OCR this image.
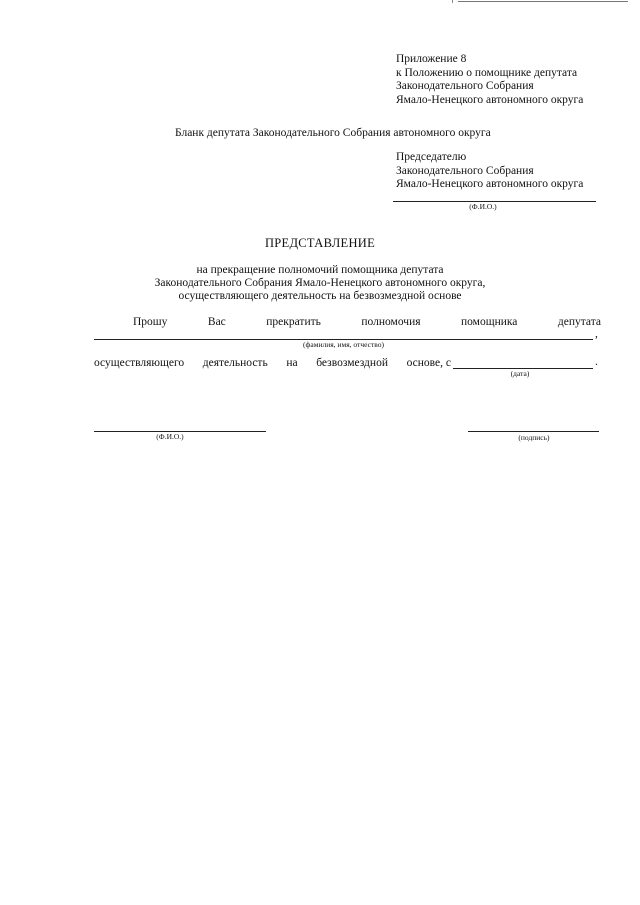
Приложение 8
к Положению о помощнике депутата
Законодательного Собрания
Ямало-Ненецкого автономного округа
Бланк депутата Законодательного Собрания автономного округа
Председателю
Законодательного Собрания
Ямало-Ненецкого автономного округа
(Ф.И.О.)
ПРЕДСТАВЛЕНИЕ
на прекращение полномочий помощника депутата
Законодательного Собрания Ямало-Ненецкого автономного округа,
осуществляющего деятельность на безвозмездной основе
Прошу	Вас	прекратить	полномочия	помощника	депутата
,
(фамилия, имя, отчество)
осуществляющего деятельность на безвозмездной основе, с	.
(дата)
(Ф.И.О.)	(подпись)
